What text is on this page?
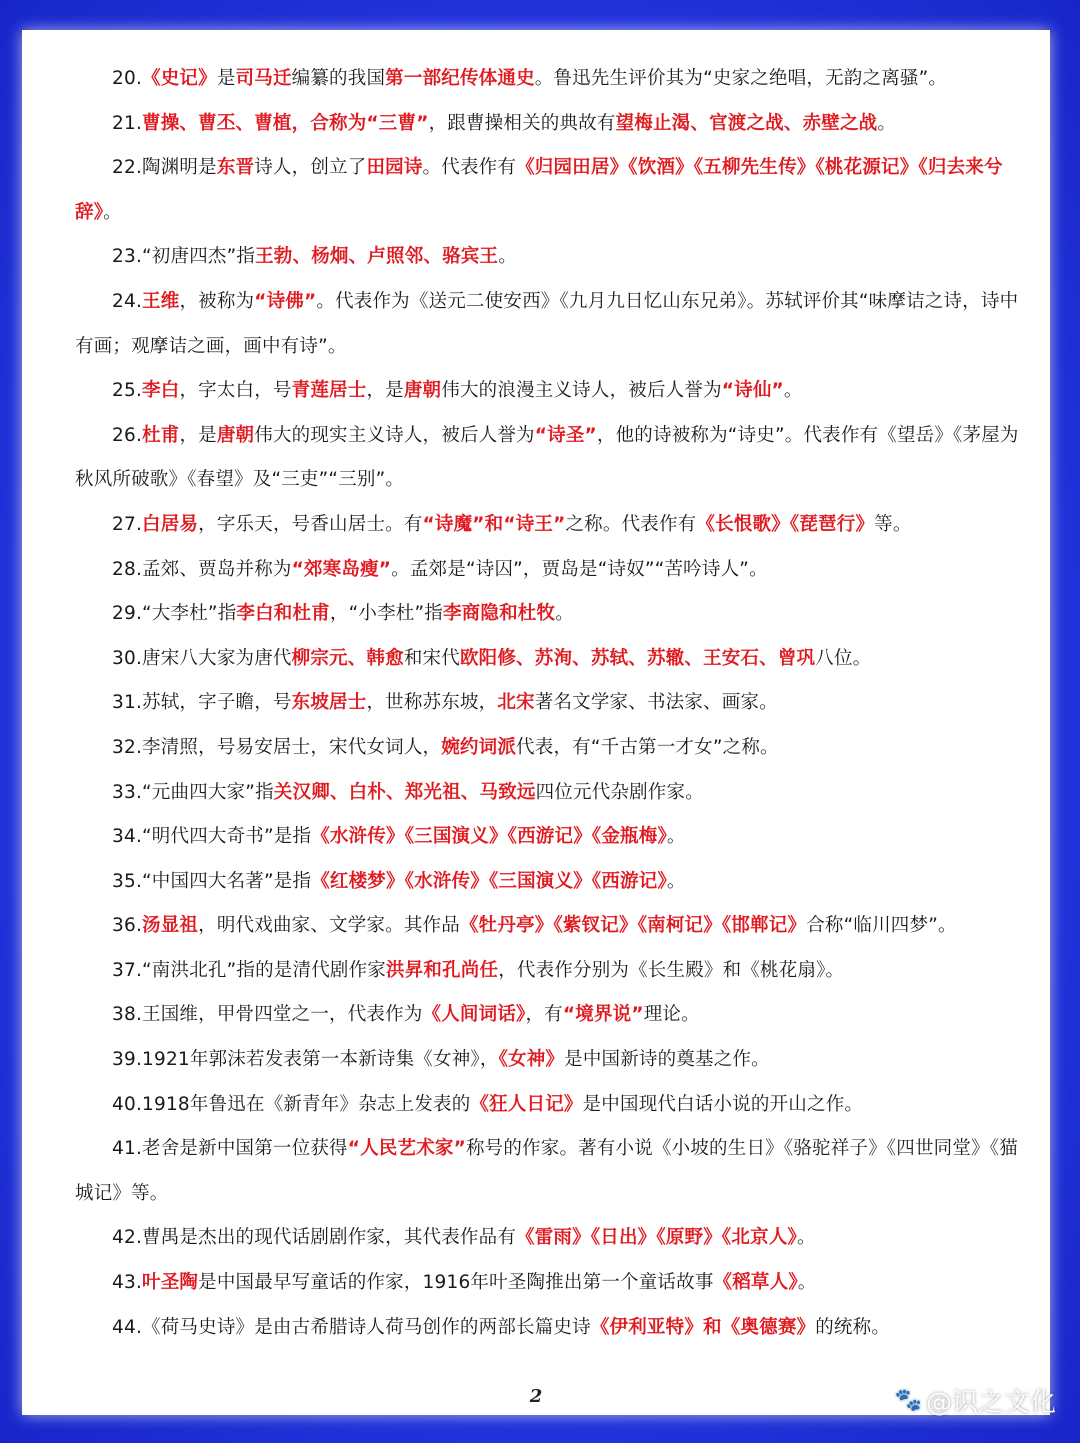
20.《史记》是司马迁编纂的我国第一部纪传体通史。鲁迅先生评价其为“史家之绝唱，无韵之离骚”。

21.曹操、曹丕、曹植，合称为“三曹”，跟曹操相关的典故有望梅止渴、官渡之战、赤壁之战。

22.陶渊明是东晋诗人，创立了田园诗。代表作有《归园田居》《饮酒》《五柳先生传》《桃花源记》《归去来兮辞》。

23.“初唐四杰”指王勃、杨炯、卢照邻、骆宾王。

24.王维，被称为“诗佛”。代表作为《送元二使安西》《九月九日忆山东兄弟》。苏轼评价其“味摩诘之诗，诗中有画；观摩诘之画，画中有诗”。

25.李白，字太白，号青莲居士，是唐朝伟大的浪漫主义诗人，被后人誉为“诗仙”。

26.杜甫，是唐朝伟大的现实主义诗人，被后人誉为“诗圣”，他的诗被称为“诗史”。代表作有《望岳》《茅屋为秋风所破歌》《春望》及“三吏”“三别”。

27.白居易，字乐天，号香山居士。有“诗魔”和“诗王”之称。代表作有《长恨歌》《琵琶行》等。

28.孟郊、贾岛并称为“郊寒岛瘦”。孟郊是“诗囚”，贾岛是“诗奴”“苦吟诗人”。

29.“大李杜”指李白和杜甫，“小李杜”指李商隐和杜牧。

30.唐宋八大家为唐代柳宗元、韩愈和宋代欧阳修、苏洵、苏轼、苏辙、王安石、曾巩八位。

31.苏轼，字子瞻，号东坡居士，世称苏东坡，北宋著名文学家、书法家、画家。

32.李清照，号易安居士，宋代女词人，婉约词派代表，有“千古第一才女”之称。

33.“元曲四大家”指关汉卿、白朴、郑光祖、马致远四位元代杂剧作家。

34.“明代四大奇书”是指《水浒传》《三国演义》《西游记》《金瓶梅》。

35.“中国四大名著”是指《红楼梦》《水浒传》《三国演义》《西游记》。

36.汤显祖，明代戏曲家、文学家。其作品《牡丹亭》《紫钗记》《南柯记》《邯郸记》合称“临川四梦”。

37.“南洪北孔”指的是清代剧作家洪昇和孔尚任，代表作分别为《长生殿》和《桃花扇》。

38.王国维，甲骨四堂之一，代表作为《人间词话》，有“境界说”理论。

39.1921年郭沫若发表第一本新诗集《女神》，《女神》是中国新诗的奠基之作。

40.1918年鲁迅在《新青年》杂志上发表的《狂人日记》是中国现代白话小说的开山之作。

41.老舍是新中国第一位获得“人民艺术家”称号的作家。著有小说《小坡的生日》《骆驼祥子》《四世同堂》《猫城记》等。

42.曹禺是杰出的现代话剧剧作家，其代表作品有《雷雨》《日出》《原野》《北京人》。

43.叶圣陶是中国最早写童话的作家，1916年叶圣陶推出第一个童话故事《稻草人》。

44.《荷马史诗》是由古希腊诗人荷马创作的两部长篇史诗《伊利亚特》和《奥德赛》的统称。

2	🐾 @识之文化
